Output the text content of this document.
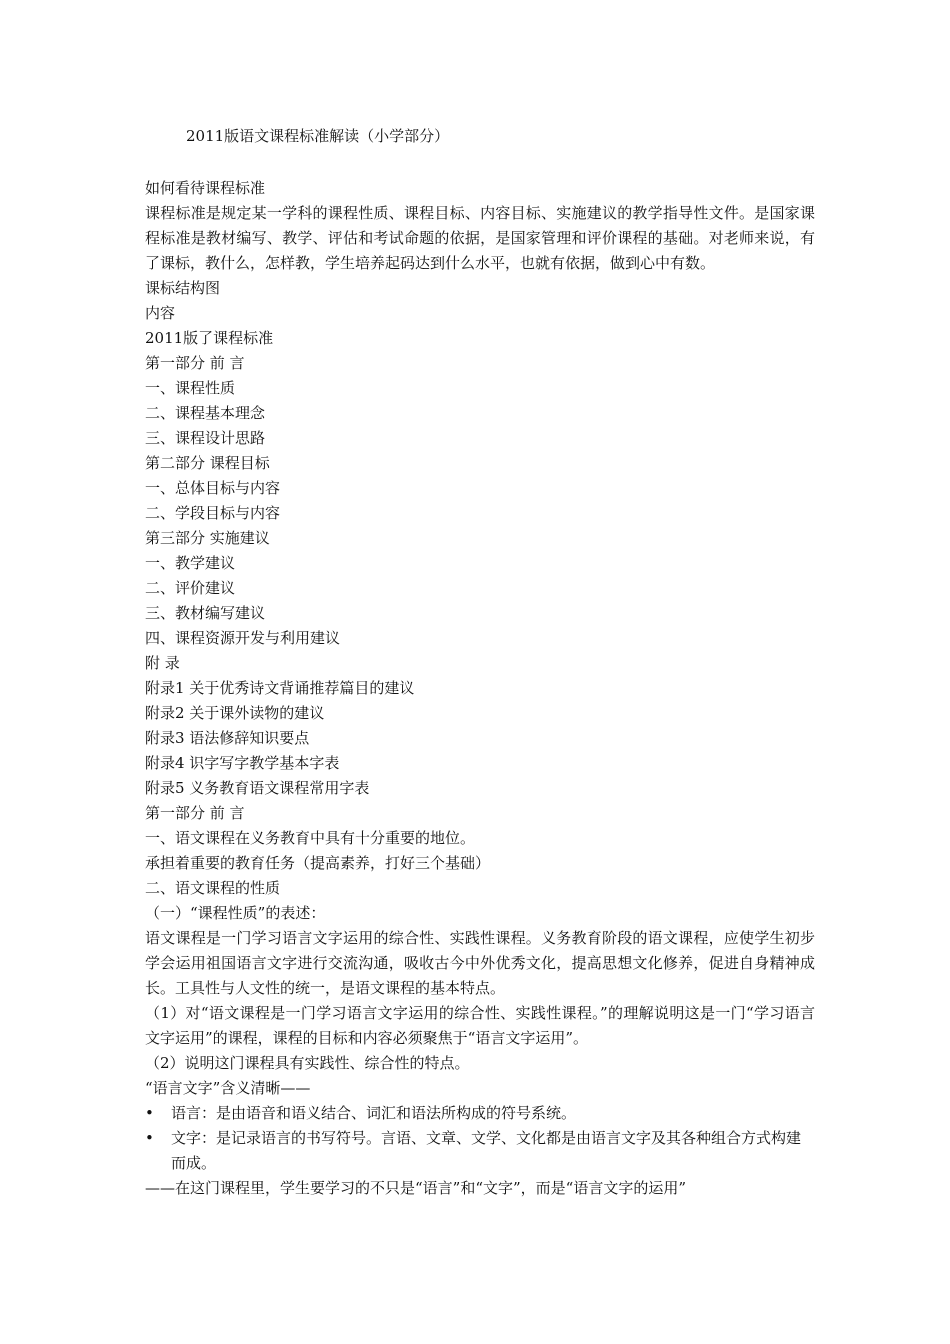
2011版语文课程标准解读（小学部分）
如何看待课程标准
课程标准是规定某一学科的课程性质、课程目标、内容目标、实施建议的教学指导性文件。是国家课程标准是教材编写、教学、评估和考试命题的依据，是国家管理和评价课程的基础。对老师来说，有了课标，教什么，怎样教，学生培养起码达到什么水平，也就有依据，做到心中有数。
课标结构图
内容
2011版了课程标准
第一部分 前 言
一、课程性质
二、课程基本理念
三、课程设计思路
第二部分 课程目标
一、总体目标与内容
二、学段目标与内容
第三部分 实施建议
一、教学建议
二、评价建议
三、教材编写建议
四、课程资源开发与利用建议
附 录
附录1 关于优秀诗文背诵推荐篇目的建议
附录2 关于课外读物的建议
附录3 语法修辞知识要点
附录4 识字写字教学基本字表
附录5 义务教育语文课程常用字表
第一部分 前 言
一、语文课程在义务教育中具有十分重要的地位。
承担着重要的教育任务（提高素养，打好三个基础）
二、语文课程的性质
（一）“课程性质”的表述：
语文课程是一门学习语言文字运用的综合性、实践性课程。义务教育阶段的语文课程，应使学生初步学会运用祖国语言文字进行交流沟通，吸收古今中外优秀文化，提高思想文化修养，促进自身精神成长。工具性与人文性的统一，是语文课程的基本特点。
（1）对“语文课程是一门学习语言文字运用的综合性、实践性课程。”的理解说明这是一门“学习语言文字运用”的课程，课程的目标和内容必须聚焦于“语言文字运用”。
（2）说明这门课程具有实践性、综合性的特点。
“语言文字”含义清晰——
• 语言：是由语音和语义结合、词汇和语法所构成的符号系统。
• 文字：是记录语言的书写符号。言语、文章、文学、文化都是由语言文字及其各种组合方式构建而成。
——在这门课程里，学生要学习的不只是“语言”和“文字”，而是“语言文字的运用”
